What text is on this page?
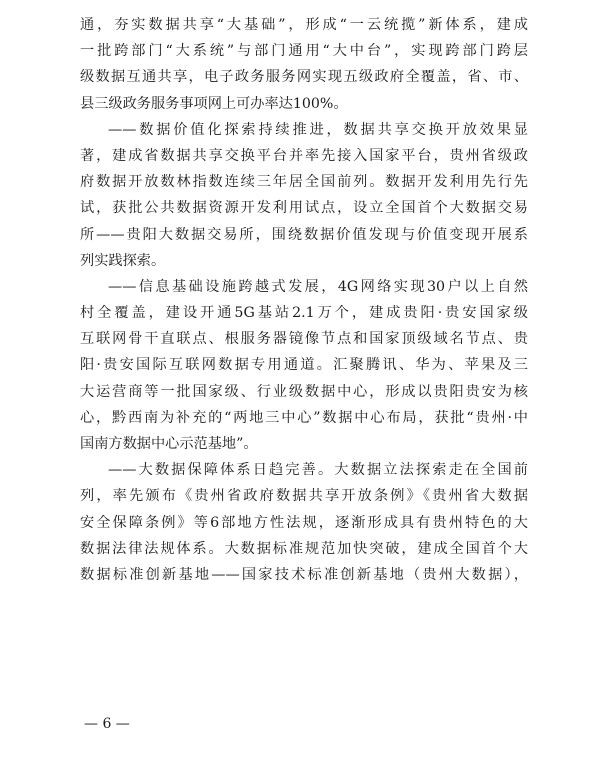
通，夯实数据共享“大基础”，形成“一云统揽”新体系，建成
一批跨部门“大系统”与部门通用“大中台”，实现跨部门跨层
级数据互通共享，电子政务服务网实现五级政府全覆盖，省、市、
县三级政务服务事项网上可办率达100%。
——数据价值化探索持续推进，数据共享交换开放效果显
著，建成省数据共享交换平台并率先接入国家平台，贵州省级政
府数据开放数林指数连续三年居全国前列。数据开发利用先行先
试，获批公共数据资源开发利用试点，设立全国首个大数据交易
所——贵阳大数据交易所，围绕数据价值发现与价值变现开展系
列实践探索。
——信息基础设施跨越式发展，4G网络实现30户以上自然
村全覆盖，建设开通5G基站2.1万个，建成贵阳·贵安国家级
互联网骨干直联点、根服务器镜像节点和国家顶级域名节点、贵
阳·贵安国际互联网数据专用通道。汇聚腾讯、华为、苹果及三
大运营商等一批国家级、行业级数据中心，形成以贵阳贵安为核
心，黔西南为补充的“两地三中心”数据中心布局，获批“贵州·中
国南方数据中心示范基地”。
——大数据保障体系日趋完善。大数据立法探索走在全国前
列，率先颁布《贵州省政府数据共享开放条例》《贵州省大数据
安全保障条例》等6部地方性法规，逐渐形成具有贵州特色的大
数据法律法规体系。大数据标准规范加快突破，建成全国首个大
数据标准创新基地——国家技术标准创新基地（贵州大数据），
— 6 —
